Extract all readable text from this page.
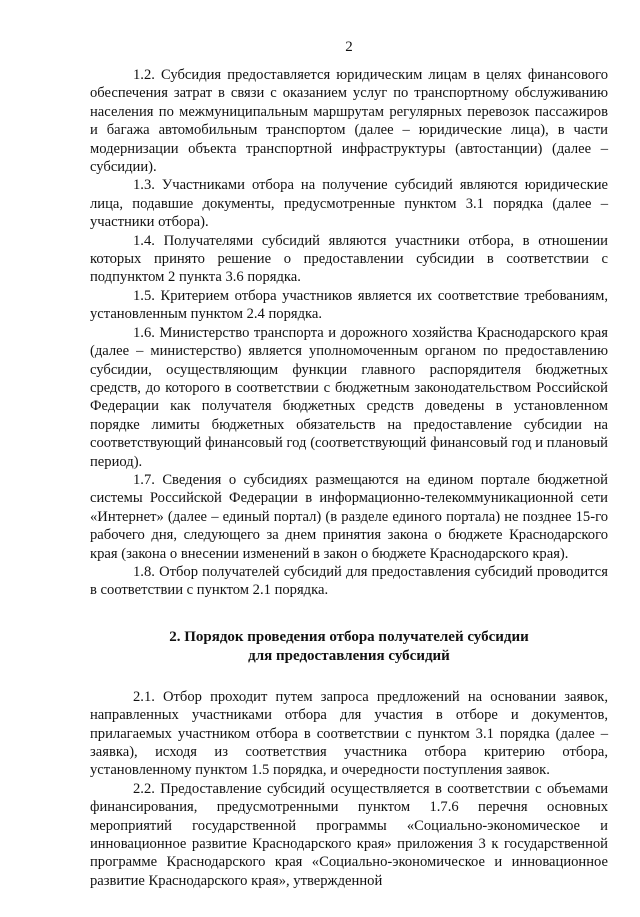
2

1.2. Субсидия предоставляется юридическим лицам в целях финансового обеспечения затрат в связи с оказанием услуг по транспортному обслуживанию населения по межмуниципальным маршрутам регулярных перевозок пассажиров и багажа автомобильным транспортом (далее – юридические лица), в части модернизации объекта транспортной инфраструктуры (автостанции) (далее – субсидии).

1.3. Участниками отбора на получение субсидий являются юридические лица, подавшие документы, предусмотренные пунктом 3.1 порядка (далее – участники отбора).

1.4. Получателями субсидий являются участники отбора, в отношении которых принято решение о предоставлении субсидии в соответствии с подпунктом 2 пункта 3.6 порядка.

1.5. Критерием отбора участников является их соответствие требованиям, установленным пунктом 2.4 порядка.

1.6. Министерство транспорта и дорожного хозяйства Краснодарского края (далее – министерство) является уполномоченным органом по предоставлению субсидии, осуществляющим функции главного распорядителя бюджетных средств, до которого в соответствии с бюджетным законодательством Российской Федерации как получателя бюджетных средств доведены в установленном порядке лимиты бюджетных обязательств на предоставление субсидии на соответствующий финансовый год (соответствующий финансовый год и плановый период).

1.7. Сведения о субсидиях размещаются на едином портале бюджетной системы Российской Федерации в информационно-телекоммуникационной сети «Интернет» (далее – единый портал) (в разделе единого портала) не позднее 15-го рабочего дня, следующего за днем принятия закона о бюджете Краснодарского края (закона о внесении изменений в закон о бюджете Краснодарского края).

1.8. Отбор получателей субсидий для предоставления субсидий проводится в соответствии с пунктом 2.1 порядка.

2. Порядок проведения отбора получателей субсидии
для предоставления субсидий

2.1. Отбор проходит путем запроса предложений на основании заявок, направленных участниками отбора для участия в отборе и документов, прилагаемых участником отбора в соответствии с пунктом 3.1 порядка (далее – заявка), исходя из соответствия участника отбора критерию отбора, установленному пунктом 1.5 порядка, и очередности поступления заявок.

2.2. Предоставление субсидий осуществляется в соответствии с объемами финансирования, предусмотренными пунктом 1.7.6 перечня основных мероприятий государственной программы «Социально-экономическое и инновационное развитие Краснодарского края» приложения 3 к государственной программе Краснодарского края «Социально-экономическое и инновационное развитие Краснодарского края», утвержденной
